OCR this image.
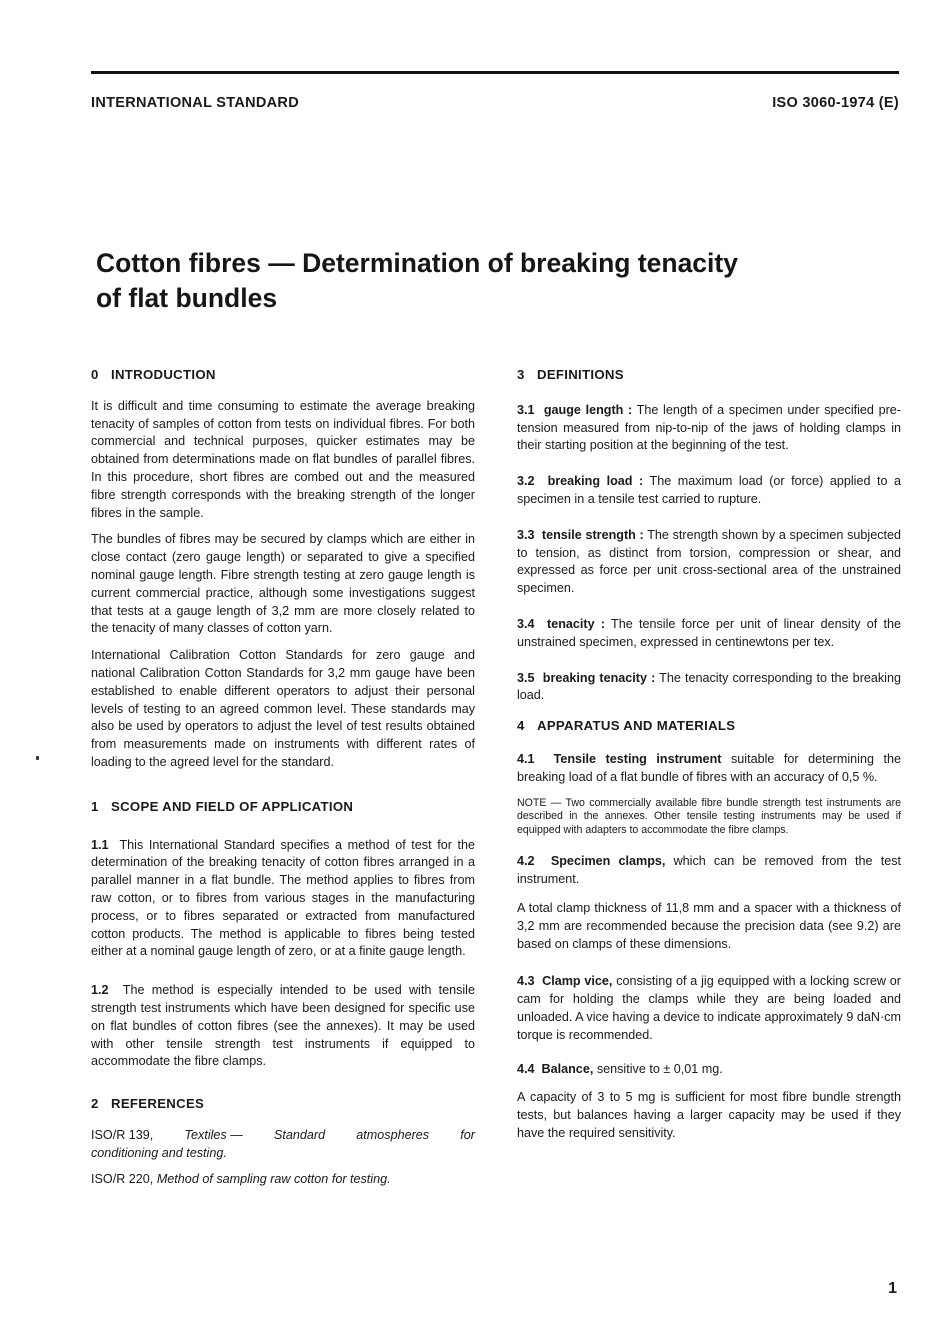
INTERNATIONAL STANDARD	ISO 3060-1974 (E)
Cotton fibres — Determination of breaking tenacity
of flat bundles
0 INTRODUCTION

It is difficult and time consuming to estimate the average breaking tenacity of samples of cotton from tests on individual fibres. For both commercial and technical purposes, quicker estimates may be obtained from determinations made on flat bundles of parallel fibres. In this procedure, short fibres are combed out and the measured fibre strength corresponds with the breaking strength of the longer fibres in the sample.

The bundles of fibres may be secured by clamps which are either in close contact (zero gauge length) or separated to give a specified nominal gauge length. Fibre strength testing at zero gauge length is current commercial practice, although some investigations suggest that tests at a gauge length of 3,2 mm are more closely related to the tenacity of many classes of cotton yarn.

International Calibration Cotton Standards for zero gauge and national Calibration Cotton Standards for 3,2 mm gauge have been established to enable different operators to adjust their personal levels of testing to an agreed common level. These standards may also be used by operators to adjust the level of test results obtained from measurements made on instruments with different rates of loading to the agreed level for the standard.

1 SCOPE AND FIELD OF APPLICATION

1.1 This International Standard specifies a method of test for the determination of the breaking tenacity of cotton fibres arranged in a parallel manner in a flat bundle. The method applies to fibres from raw cotton, or to fibres from various stages in the manufacturing process, or to fibres separated or extracted from manufactured cotton products. The method is applicable to fibres being tested either at a nominal gauge length of zero, or at a finite gauge length.

1.2 The method is especially intended to be used with tensile strength test instruments which have been designed for specific use on flat bundles of cotton fibres (see the annexes). It may be used with other tensile strength test instruments if equipped to accommodate the fibre clamps.

2 REFERENCES
ISO/R 139, Textiles — Standard atmospheres for
conditioning and testing.

ISO/R 220, Method of sampling raw cotton for testing.

3 DEFINITIONS

3.1 gauge length : The length of a specimen under specified pre-tension measured from nip-to-nip of the jaws of holding clamps in their starting position at the beginning of the test.

3.2 breaking load : The maximum load (or force) applied to a specimen in a tensile test carried to rupture.

3.3 tensile strength : The strength shown by a specimen subjected to tension, as distinct from torsion, compression or shear, and expressed as force per unit cross-sectional area of the unstrained specimen.

3.4 tenacity : The tensile force per unit of linear density of the unstrained specimen, expressed in centinewtons per tex.

3.5 breaking tenacity : The tenacity corresponding to the breaking load.

4 APPARATUS AND MATERIALS

4.1 Tensile testing instrument suitable for determining the breaking load of a flat bundle of fibres with an accuracy of 0,5 %.

NOTE — Two commercially available fibre bundle strength test instruments are described in the annexes. Other tensile testing instruments may be used if equipped with adapters to accommodate the fibre clamps.

4.2 Specimen clamps, which can be removed from the test instrument.

A total clamp thickness of 11,8 mm and a spacer with a thickness of 3,2 mm are recommended because the precision data (see 9.2) are based on clamps of these dimensions.

4.3 Clamp vice, consisting of a jig equipped with a locking screw or cam for holding the clamps while they are being loaded and unloaded. A vice having a device to indicate approximately 9 daN·cm torque is recommended.

4.4 Balance, sensitive to ± 0,01 mg.

A capacity of 3 to 5 mg is sufficient for most fibre bundle strength tests, but balances having a larger capacity may be used if they have the required sensitivity.

1
